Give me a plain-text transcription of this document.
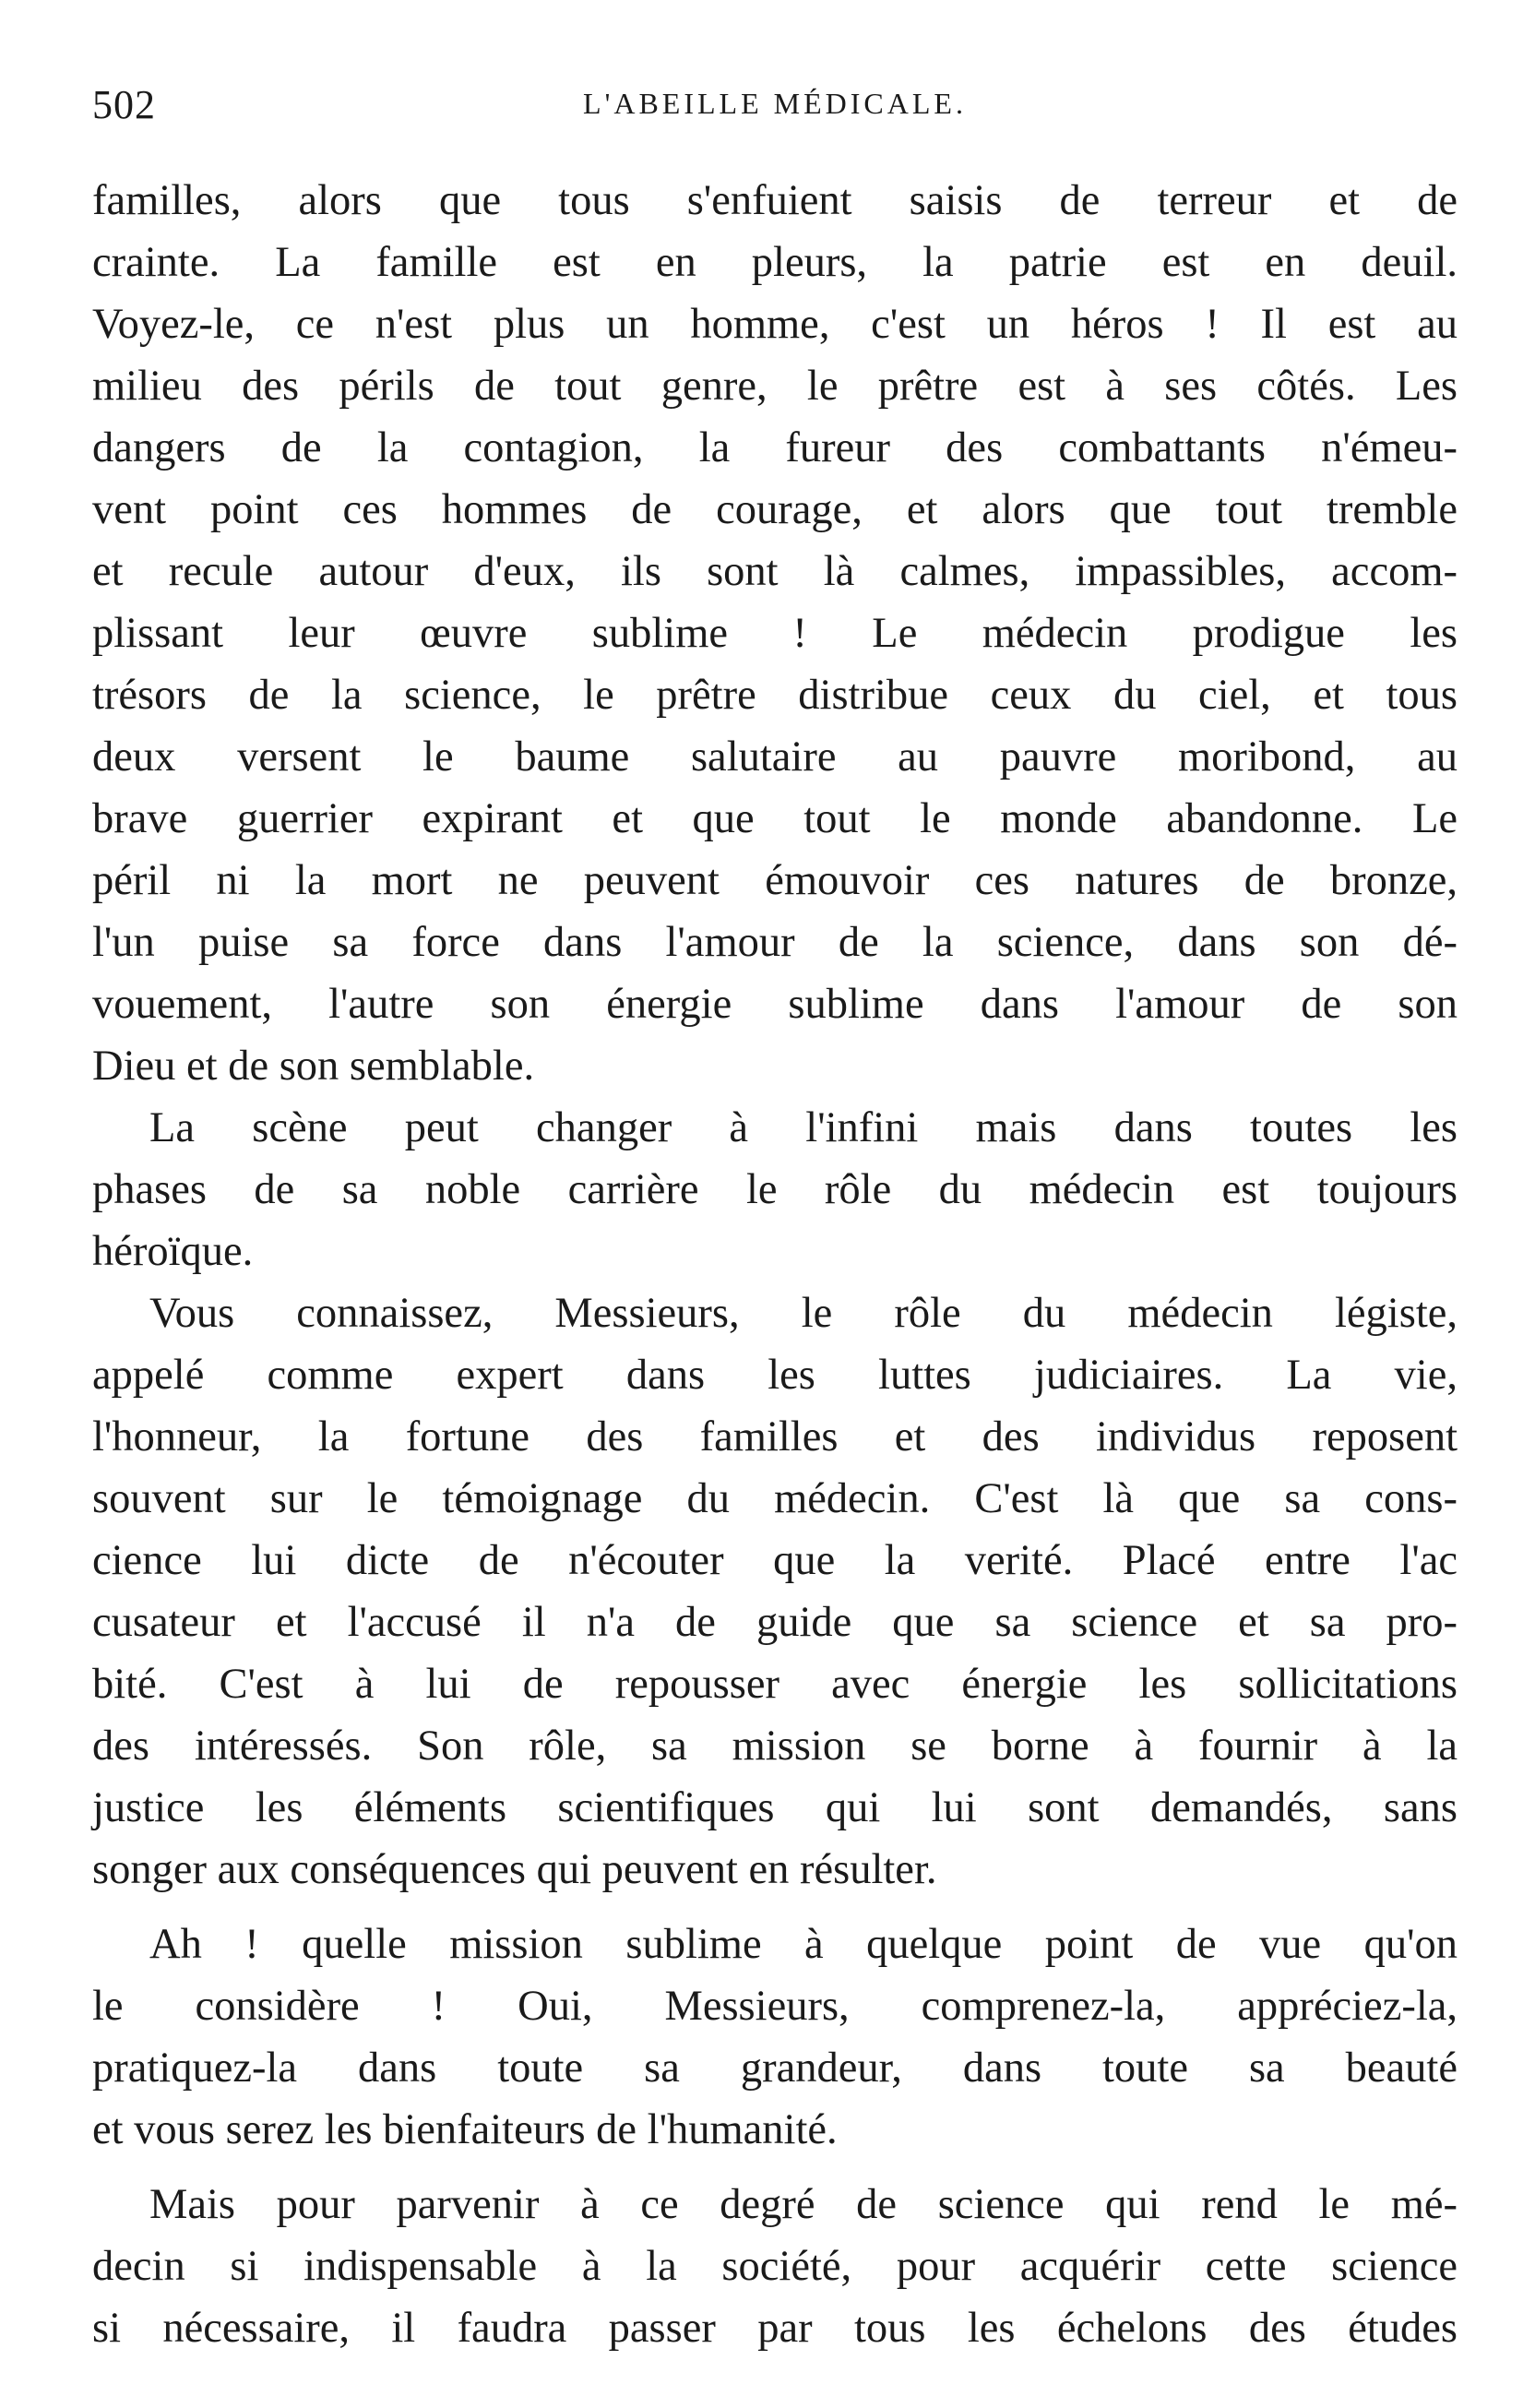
502	L'ABEILLE MÉDICALE.
familles, alors que tous s'enfuient saisis de terreur et de
crainte. La famille est en pleurs, la patrie est en deuil.
Voyez-le, ce n'est plus un homme, c'est un héros ! Il est au
milieu des périls de tout genre, le prêtre est à ses côtés. Les
dangers de la contagion, la fureur des combattants n'émeu-
vent point ces hommes de courage, et alors que tout tremble
et recule autour d'eux, ils sont là calmes, impassibles, accom-
plissant leur œuvre sublime ! Le médecin prodigue les
trésors de la science, le prêtre distribue ceux du ciel, et tous
deux versent le baume salutaire au pauvre moribond, au
brave guerrier expirant et que tout le monde abandonne. Le
péril ni la mort ne peuvent émouvoir ces natures de bronze,
l'un puise sa force dans l'amour de la science, dans son dé-
vouement, l'autre son énergie sublime dans l'amour de son
Dieu et de son semblable.
La scène peut changer à l'infini mais dans toutes les
phases de sa noble carrière le rôle du médecin est toujours
héroïque.
Vous connaissez, Messieurs, le rôle du médecin légiste,
appelé comme expert dans les luttes judiciaires. La vie,
l'honneur, la fortune des familles et des individus reposent
souvent sur le témoignage du médecin. C'est là que sa cons-
cience lui dicte de n'écouter que la verité. Placé entre l'ac
cusateur et l'accusé il n'a de guide que sa science et sa pro-
bité. C'est à lui de repousser avec énergie les sollicitations
des intéressés. Son rôle, sa mission se borne à fournir à la
justice les éléments scientifiques qui lui sont demandés, sans
songer aux conséquences qui peuvent en résulter.
Ah ! quelle mission sublime à quelque point de vue qu'on
le considère ! Oui, Messieurs, comprenez-la, appréciez-la,
pratiquez-la dans toute sa grandeur, dans toute sa beauté
et vous serez les bienfaiteurs de l'humanité.
Mais pour parvenir à ce degré de science qui rend le mé-
decin si indispensable à la société, pour acquérir cette science
si nécessaire, il faudra passer par tous les échelons des études
